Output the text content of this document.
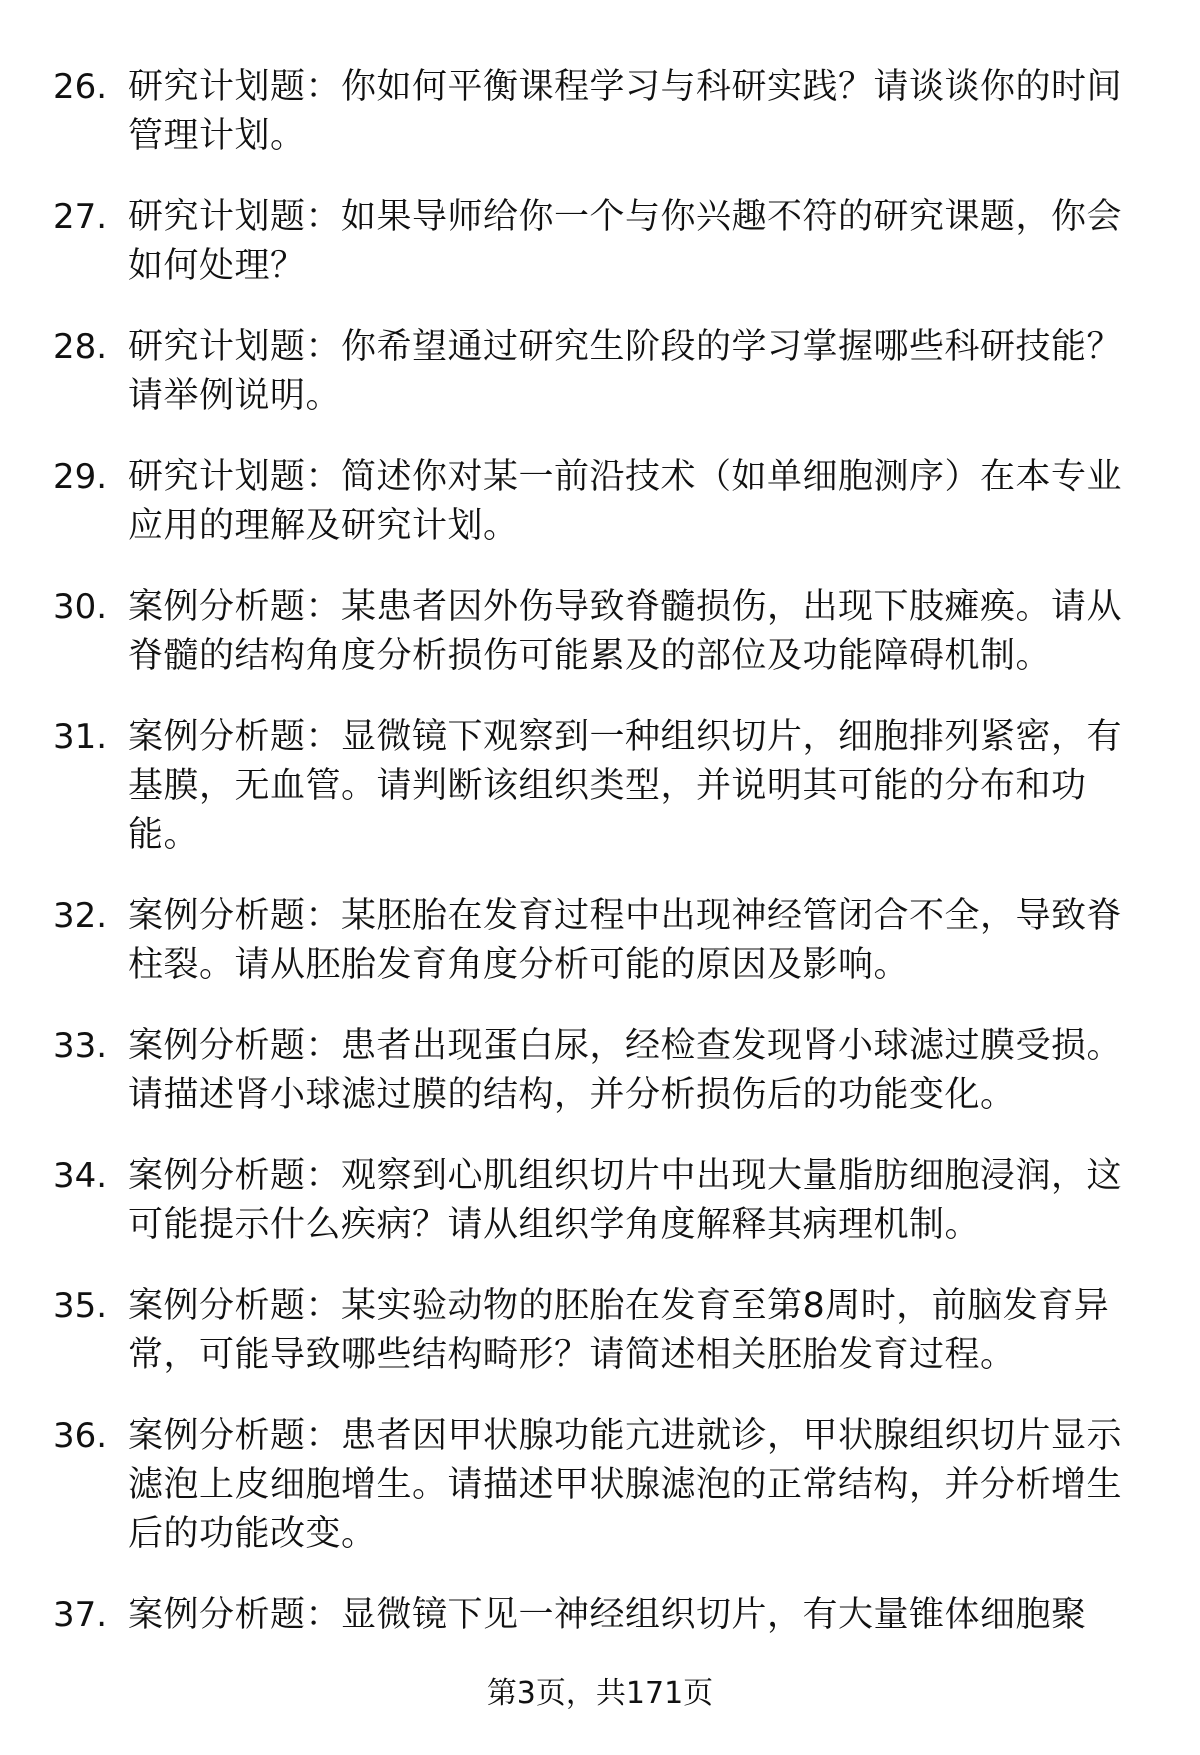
26. 研究计划题：你如何平衡课程学习与科研实践？请谈谈你的时间
管理计划。
27. 研究计划题：如果导师给你一个与你兴趣不符的研究课题，你会
如何处理？
28. 研究计划题：你希望通过研究生阶段的学习掌握哪些科研技能？
请举例说明。
29. 研究计划题：简述你对某一前沿技术（如单细胞测序）在本专业
应用的理解及研究计划。
30. 案例分析题：某患者因外伤导致脊髓损伤，出现下肢瘫痪。请从
脊髓的结构角度分析损伤可能累及的部位及功能障碍机制。
31. 案例分析题：显微镜下观察到一种组织切片，细胞排列紧密，有
基膜，无血管。请判断该组织类型，并说明其可能的分布和功
能。
32. 案例分析题：某胚胎在发育过程中出现神经管闭合不全，导致脊
柱裂。请从胚胎发育角度分析可能的原因及影响。
33. 案例分析题：患者出现蛋白尿，经检查发现肾小球滤过膜受损。
请描述肾小球滤过膜的结构，并分析损伤后的功能变化。
34. 案例分析题：观察到心肌组织切片中出现大量脂肪细胞浸润，这
可能提示什么疾病？请从组织学角度解释其病理机制。
35. 案例分析题：某实验动物的胚胎在发育至第8周时，前脑发育异
常，可能导致哪些结构畸形？请简述相关胚胎发育过程。
36. 案例分析题：患者因甲状腺功能亢进就诊，甲状腺组织切片显示
滤泡上皮细胞增生。请描述甲状腺滤泡的正常结构，并分析增生
后的功能改变。
37. 案例分析题：显微镜下见一神经组织切片，有大量锥体细胞聚
第3页，共171页
